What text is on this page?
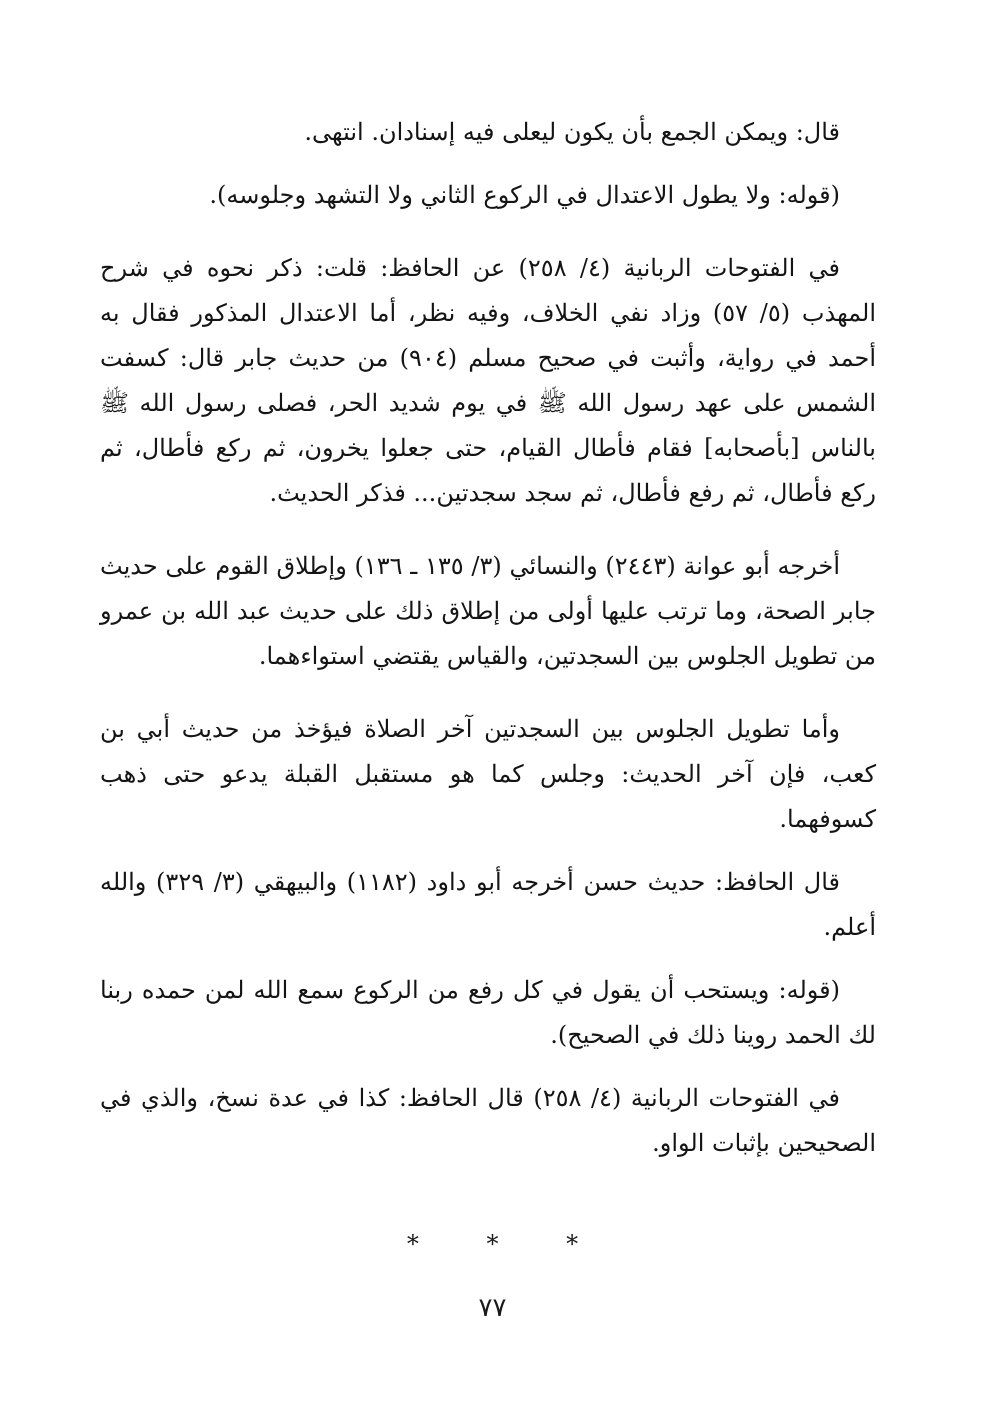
قال: ويمكن الجمع بأن يكون ليعلى فيه إسنادان. انتهى.

(قوله: ولا يطول الاعتدال في الركوع الثاني ولا التشهد وجلوسه).

في الفتوحات الربانية (٤/ ٢٥٨) عن الحافظ: قلت: ذكر نحوه في شرح المهذب (٥/ ٥٧) وزاد نفي الخلاف، وفيه نظر، أما الاعتدال المذكور فقال به أحمد في رواية، وأثبت في صحيح مسلم (٩٠٤) من حديث جابر قال: كسفت الشمس على عهد رسول الله ﷺ في يوم شديد الحر، فصلى رسول الله ﷺ بالناس [بأصحابه] فقام فأطال القيام، حتى جعلوا يخرون، ثم ركع فأطال، ثم ركع فأطال، ثم رفع فأطال، ثم سجد سجدتين... فذكر الحديث.

أخرجه أبو عوانة (٢٤٤٣) والنسائي (٣/ ١٣٥ ـ ١٣٦) وإطلاق القوم على حديث جابر الصحة، وما ترتب عليها أولى من إطلاق ذلك على حديث عبد الله بن عمرو من تطويل الجلوس بين السجدتين، والقياس يقتضي استواءهما.

وأما تطويل الجلوس بين السجدتين آخر الصلاة فيؤخذ من حديث أبي بن كعب، فإن آخر الحديث: وجلس كما هو مستقبل القبلة يدعو حتى ذهب كسوفهما.

قال الحافظ: حديث حسن أخرجه أبو داود (١١٨٢) والبيهقي (٣/ ٣٢٩) والله أعلم.

(قوله: ويستحب أن يقول في كل رفع من الركوع سمع الله لمن حمده ربنا لك الحمد روينا ذلك في الصحيح).

في الفتوحات الربانية (٤/ ٢٥٨) قال الحافظ: كذا في عدة نسخ، والذي في الصحيحين بإثبات الواو.

* * *
٧٧
